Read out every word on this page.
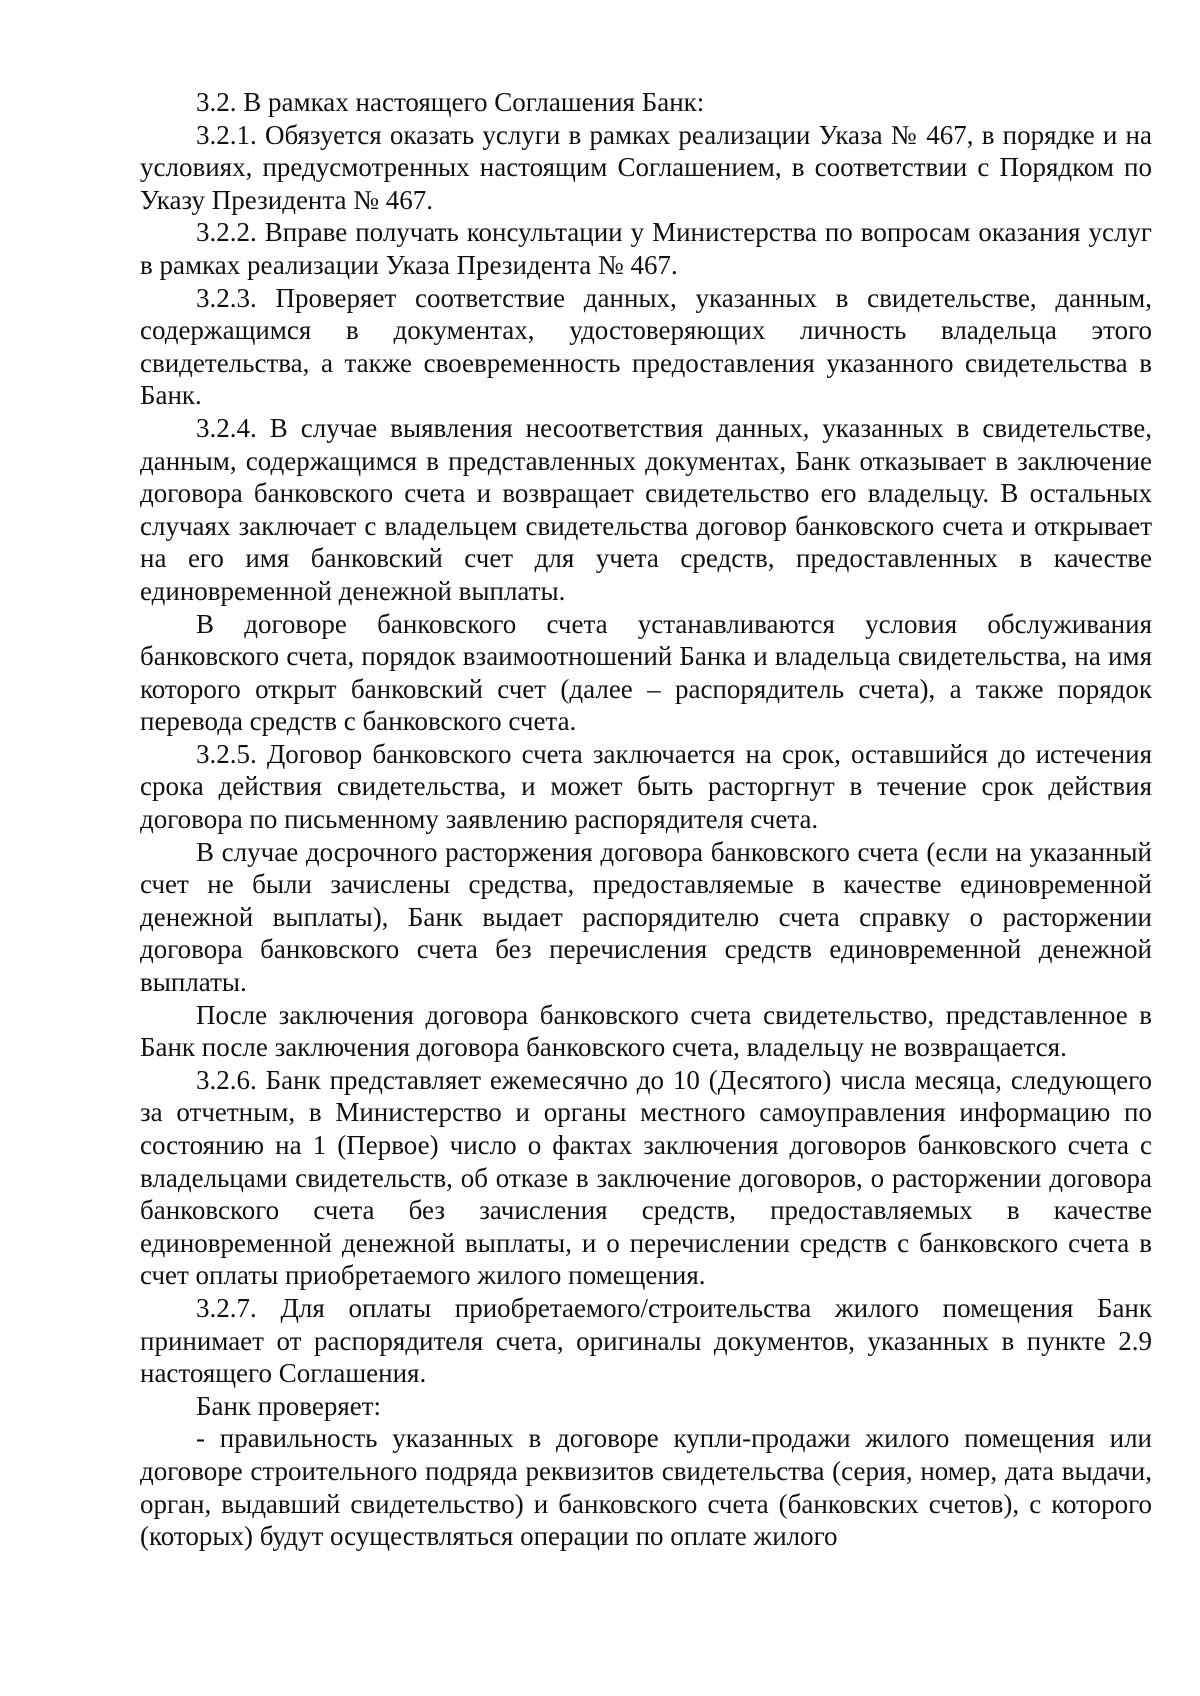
3.2. В рамках настоящего Соглашения Банк:

3.2.1. Обязуется оказать услуги в рамках реализации Указа № 467, в порядке и на условиях, предусмотренных настоящим Соглашением, в соответствии с Порядком по Указу Президента № 467.

3.2.2. Вправе получать консультации у Министерства по вопросам оказания услуг в рамках реализации Указа Президента № 467.

3.2.3. Проверяет соответствие данных, указанных в свидетельстве, данным, содержащимся в документах, удостоверяющих личность владельца этого свидетельства, а также своевременность предоставления указанного свидетельства в Банк.

3.2.4. В случае выявления несоответствия данных, указанных в свидетельстве, данным, содержащимся в представленных документах, Банк отказывает в заключение договора банковского счета и возвращает свидетельство его владельцу. В остальных случаях заключает с владельцем свидетельства договор банковского счета и открывает на его имя банковский счет для учета средств, предоставленных в качестве единовременной денежной выплаты.

В договоре банковского счета устанавливаются условия обслуживания банковского счета, порядок взаимоотношений Банка и владельца свидетельства, на имя которого открыт банковский счет (далее – распорядитель счета), а также порядок перевода средств с банковского счета.

3.2.5. Договор банковского счета заключается на срок, оставшийся до истечения срока действия свидетельства, и может быть расторгнут в течение срок действия договора по письменному заявлению распорядителя счета.

В случае досрочного расторжения договора банковского счета (если на указанный счет не были зачислены средства, предоставляемые в качестве единовременной денежной выплаты), Банк выдает распорядителю счета справку о расторжении договора банковского счета без перечисления средств единовременной денежной выплаты.

После заключения договора банковского счета свидетельство, представленное в Банк после заключения договора банковского счета, владельцу не возвращается.

3.2.6. Банк представляет ежемесячно до 10 (Десятого) числа месяца, следующего за отчетным, в Министерство и органы местного самоуправления информацию по состоянию на 1 (Первое) число о фактах заключения договоров банковского счета с владельцами свидетельств, об отказе в заключение договоров, о расторжении договора банковского счета без зачисления средств, предоставляемых в качестве единовременной денежной выплаты, и о перечислении средств с банковского счета в счет оплаты приобретаемого жилого помещения.

3.2.7. Для оплаты приобретаемого/строительства жилого помещения Банк принимает от распорядителя счета, оригиналы документов, указанных в пункте 2.9 настоящего Соглашения.

Банк проверяет:

- правильность указанных в договоре купли-продажи жилого помещения или договоре строительного подряда реквизитов свидетельства (серия, номер, дата выдачи, орган, выдавший свидетельство) и банковского счета (банковских счетов), с которого (которых) будут осуществляться операции по оплате жилого
